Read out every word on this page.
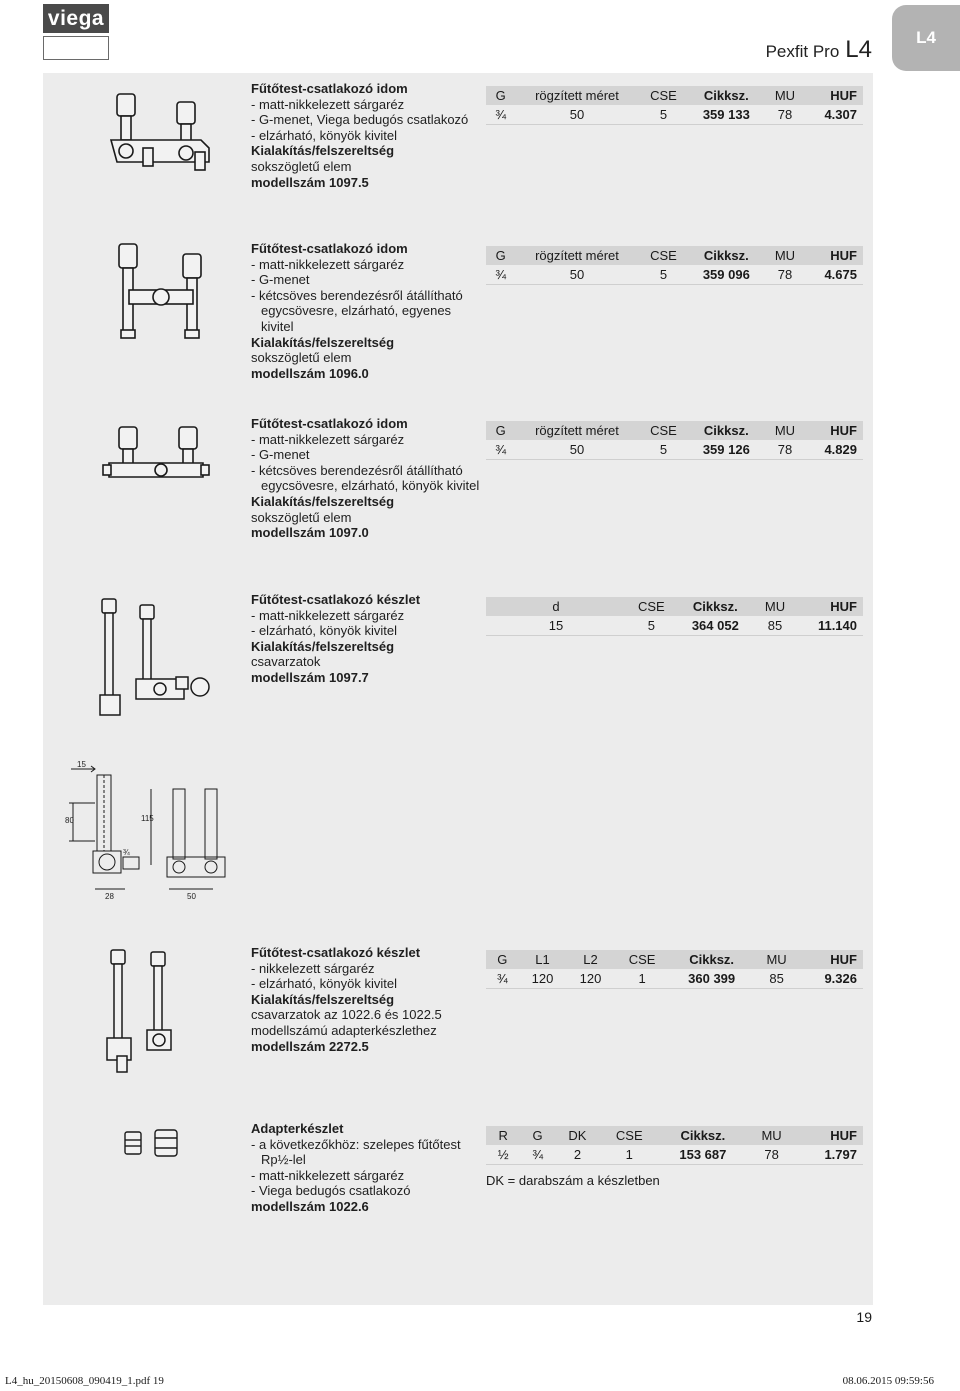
viega
Pexfit Pro L4	L4
Fűtőtest-csatlakozó idom
- matt-nikkelezett sárgaréz
- G-menet, Viega bedugós csatlakozó
- elzárható, könyök kivitel
Kialakítás/felszereltség
sokszögletű elem
modellszám 1097.5
G	rögzített méret	CSE	Cikksz.	MU	HUF
¾	50	5	359 133	78	4.307
Fűtőtest-csatlakozó idom
- matt-nikkelezett sárgaréz
- G-menet
- kétcsöves berendezésről átállítható egycsövesre, elzárható, egyenes kivitel
Kialakítás/felszereltség
sokszögletű elem
modellszám 1096.0
G	rögzített méret	CSE	Cikksz.	MU	HUF
¾	50	5	359 096	78	4.675
Fűtőtest-csatlakozó idom
- matt-nikkelezett sárgaréz
- G-menet
- kétcsöves berendezésről átállítható egycsövesre, elzárható, könyök kivitel
Kialakítás/felszereltség
sokszögletű elem
modellszám 1097.0
G	rögzített méret	CSE	Cikksz.	MU	HUF
¾	50	5	359 126	78	4.829
Fűtőtest-csatlakozó készlet
- matt-nikkelezett sárgaréz
- elzárható, könyök kivitel
Kialakítás/felszereltség
csavarzatok
modellszám 1097.7
d	CSE	Cikksz.	MU	HUF
15	5	364 052	85	11.140
15
80	115
¾
28	50
Fűtőtest-csatlakozó készlet
- nikkelezett sárgaréz
- elzárható, könyök kivitel
Kialakítás/felszereltség
csavarzatok az 1022.6 és 1022.5 modellszámú adapterkészlethez
modellszám 2272.5
G	L1	L2	CSE	Cikksz.	MU	HUF
¾	120	120	1	360 399	85	9.326
Adapterkészlet
- a következőkhöz: szelepes fűtőtest Rp½-lel
- matt-nikkelezett sárgaréz
- Viega bedugós csatlakozó
modellszám 1022.6
R	G	DK	CSE	Cikksz.	MU	HUF
½	¾	2	1	153 687	78	1.797
DK = darabszám a készletben
19
L4_hu_20150608_090419_1.pdf 19	08.06.2015 09:59:56
